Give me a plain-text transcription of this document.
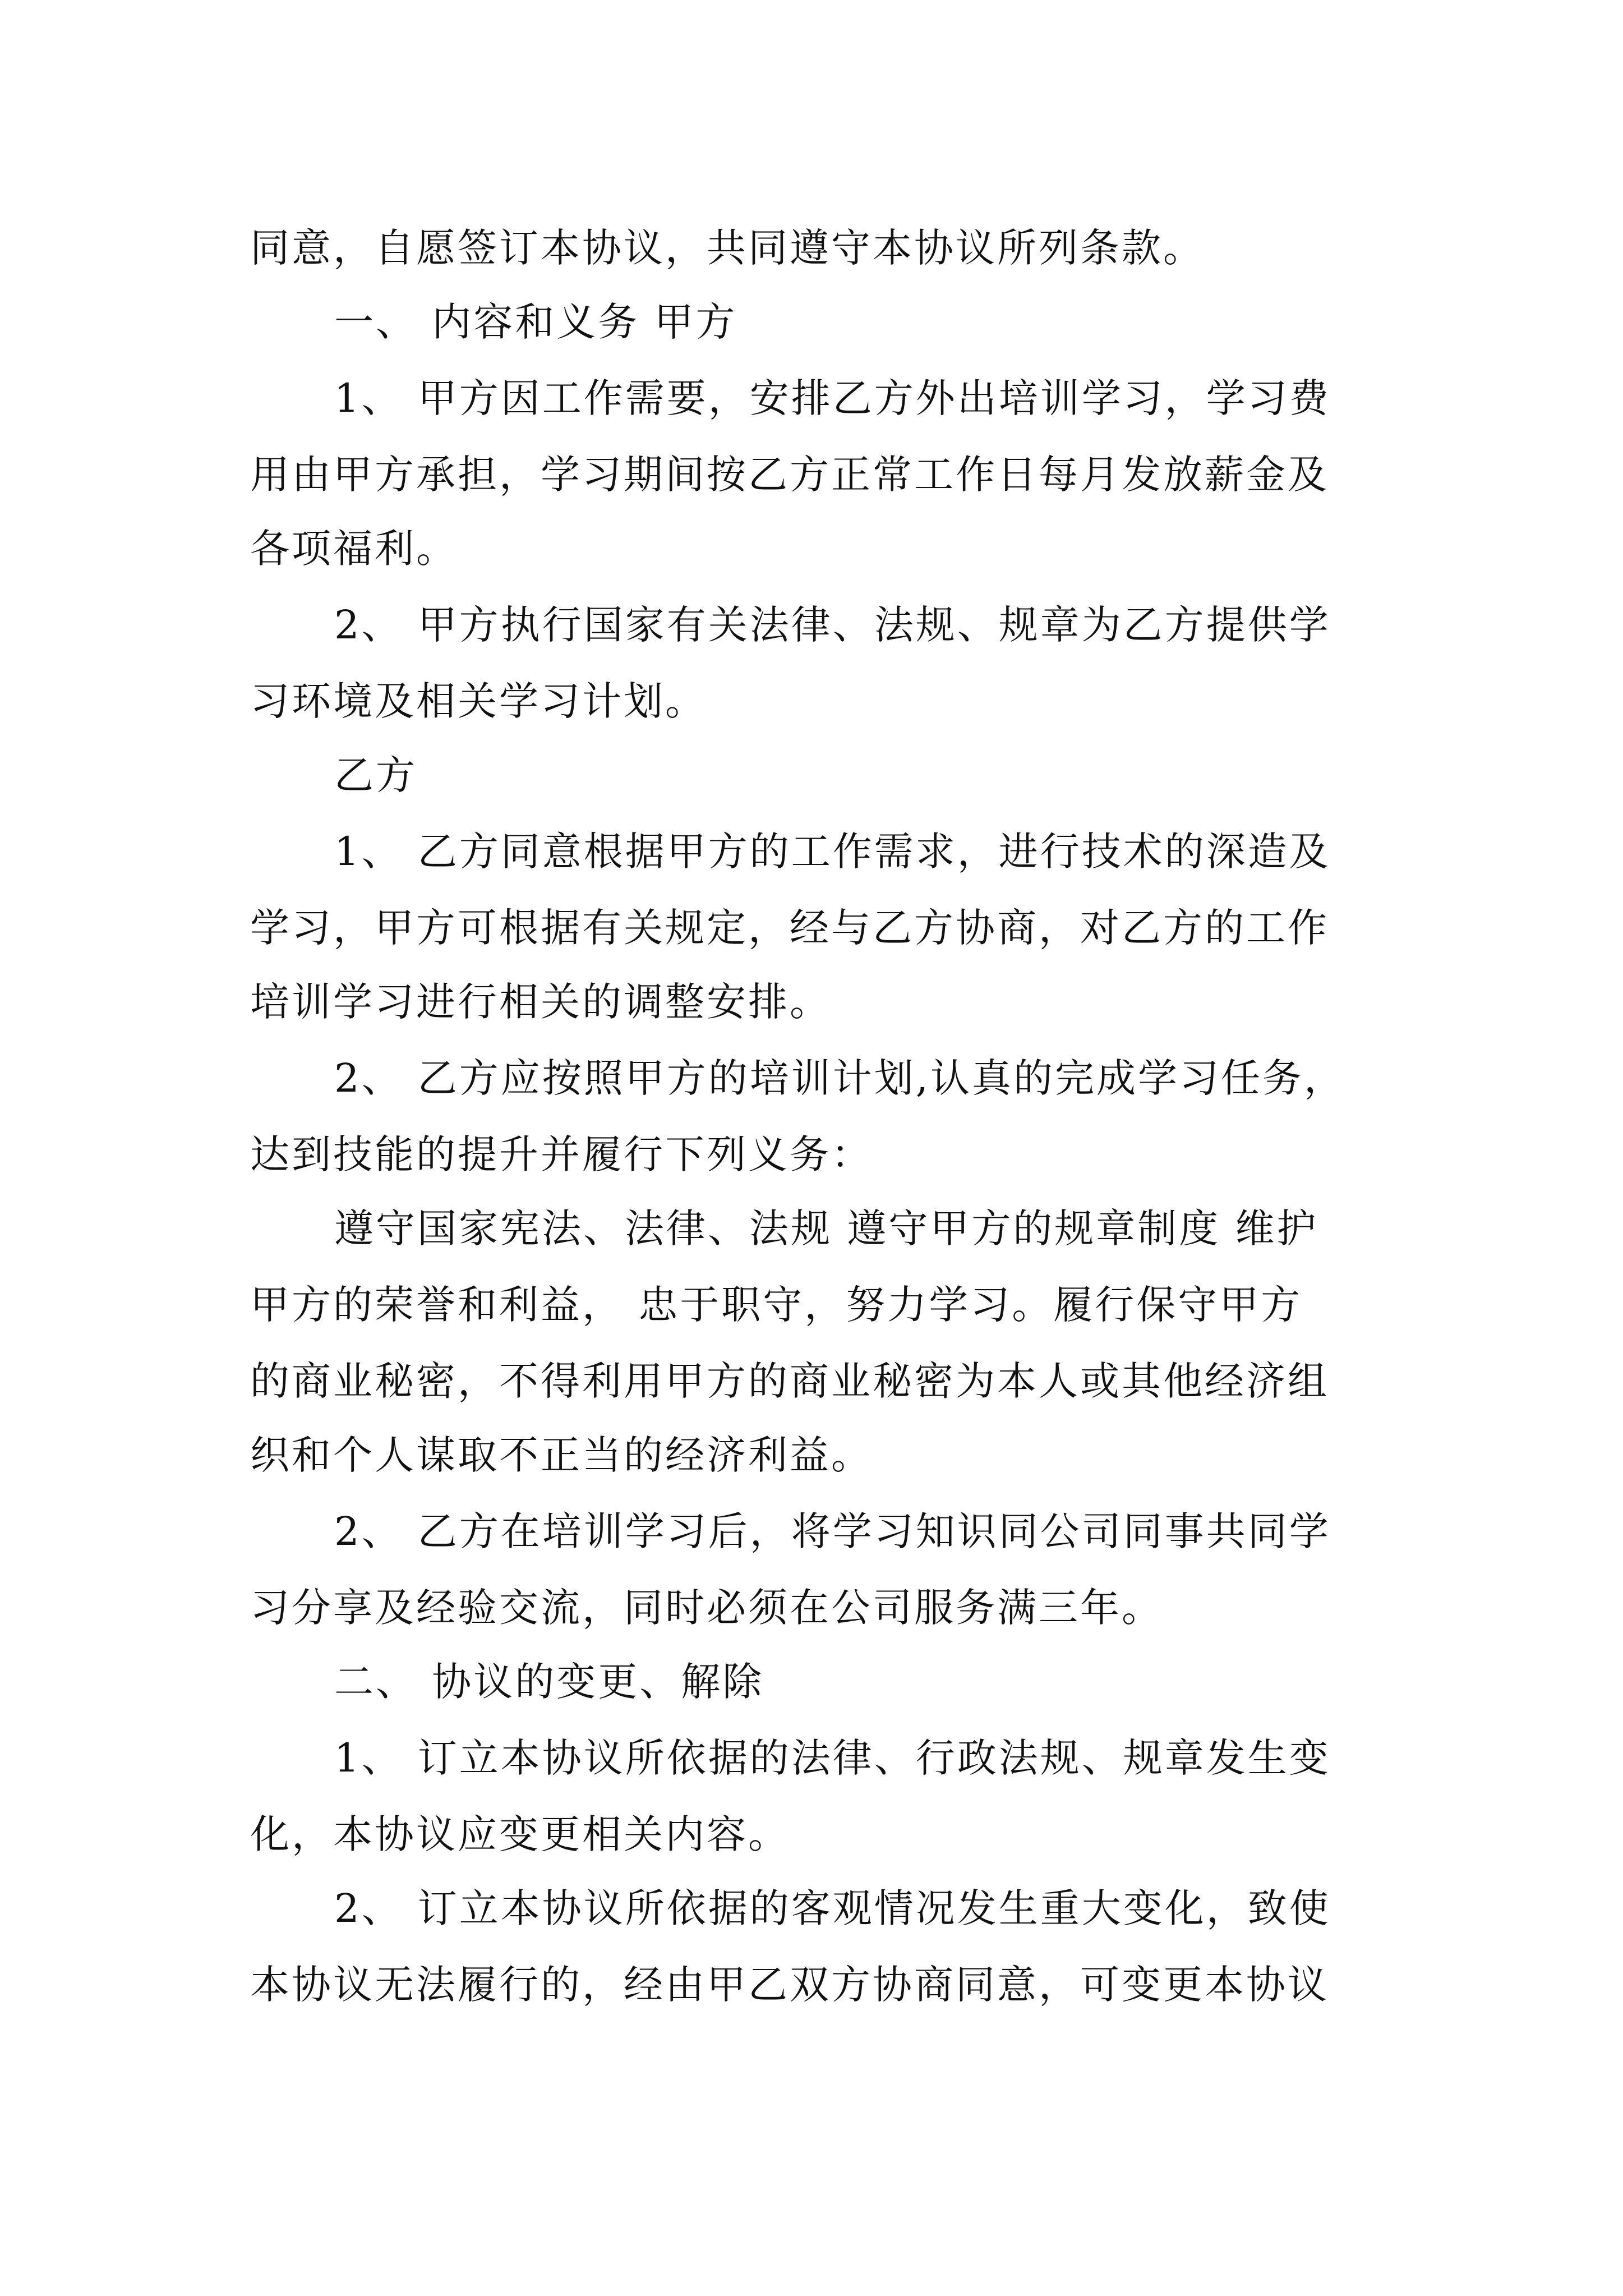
同意，自愿签订本协议，共同遵守本协议所列条款。
一、 内容和义务 甲方
1、 甲方因工作需要，安排乙方外出培训学习，学习费
用由甲方承担，学习期间按乙方正常工作日每月发放薪金及
各项福利。
2、 甲方执行国家有关法律、法规、规章为乙方提供学
习环境及相关学习计划。
乙方
1、 乙方同意根据甲方的工作需求，进行技术的深造及
学习，甲方可根据有关规定，经与乙方协商，对乙方的工作
培训学习进行相关的调整安排。
2、 乙方应按照甲方的培训计划,认真的完成学习任务，
达到技能的提升并履行下列义务：
遵守国家宪法、法律、法规 遵守甲方的规章制度 维护
甲方的荣誉和利益， 忠于职守，努力学习。履行保守甲方
的商业秘密，不得利用甲方的商业秘密为本人或其他经济组
织和个人谋取不正当的经济利益。
2、 乙方在培训学习后，将学习知识同公司同事共同学
习分享及经验交流，同时必须在公司服务满三年。
二、 协议的变更、解除
1、 订立本协议所依据的法律、行政法规、规章发生变
化，本协议应变更相关内容。
2、 订立本协议所依据的客观情况发生重大变化，致使
本协议无法履行的，经由甲乙双方协商同意，可变更本协议
